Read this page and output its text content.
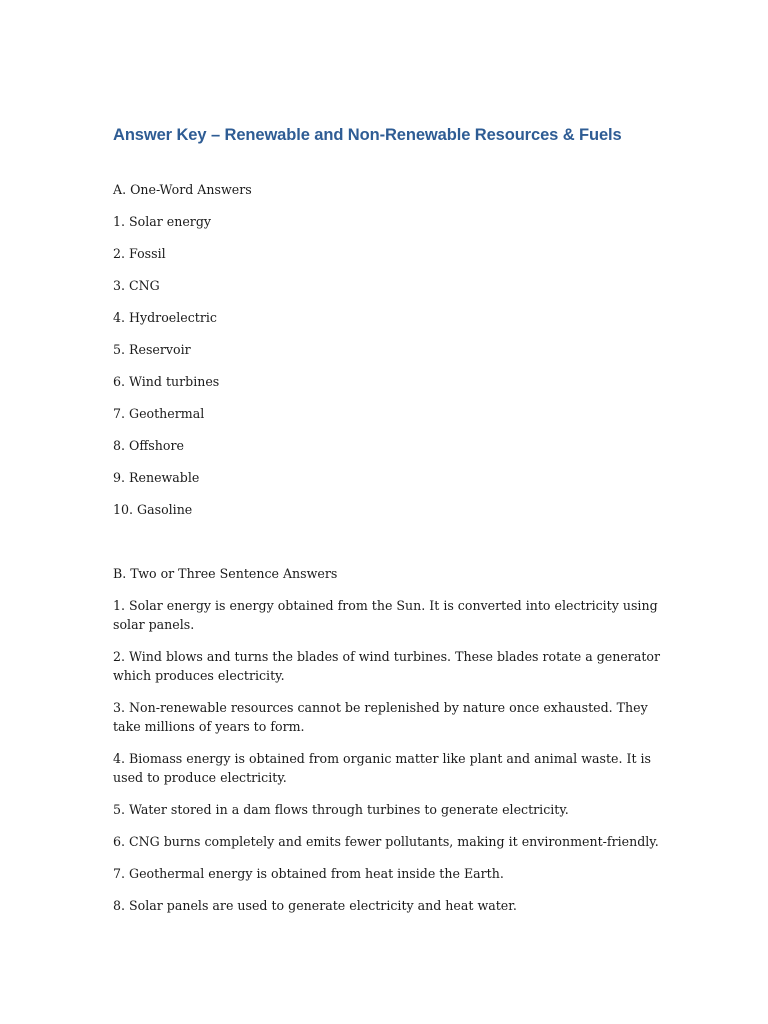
Answer Key – Renewable and Non-Renewable Resources & Fuels
A. One-Word Answers
1. Solar energy
2. Fossil
3. CNG
4. Hydroelectric
5. Reservoir
6. Wind turbines
7. Geothermal
8. Offshore
9. Renewable
10. Gasoline
B. Two or Three Sentence Answers
1. Solar energy is energy obtained from the Sun. It is converted into electricity using solar panels.
2. Wind blows and turns the blades of wind turbines. These blades rotate a generator which produces electricity.
3. Non-renewable resources cannot be replenished by nature once exhausted. They take millions of years to form.
4. Biomass energy is obtained from organic matter like plant and animal waste. It is used to produce electricity.
5. Water stored in a dam flows through turbines to generate electricity.
6. CNG burns completely and emits fewer pollutants, making it environment-friendly.
7. Geothermal energy is obtained from heat inside the Earth.
8. Solar panels are used to generate electricity and heat water.
